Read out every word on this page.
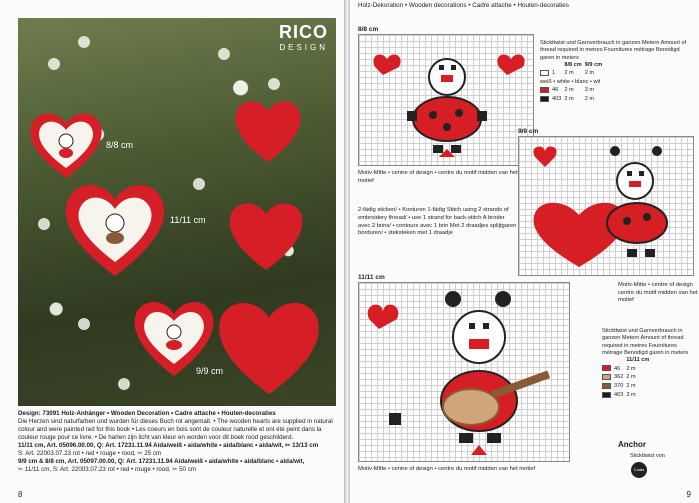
RICO
DESIGN
8/8 cm
11/11 cm
9/9 cm
Design: 73091 Holz-Anhänger • Wooden Decoration • Cadre attache • Houten-decoraties
Die Herzen sind naturfarben und wurden für dieses Buch rot angemalt. • The wooden hearts are supplied in natural colour and were painted red for this book • Les coeurs en bois sont de couleur naturelle et ont été peint dans la couleur rouge pour ce livre. • De harten zijn licht van kleur en worden voor dit boek rood geschilderd.
11/11 cm, Art. 05096.00.00, Q: Art. 17231.11.94 Aida/weiß • aida/white • aida/blanc • aida/wit, ✂ 13/13 cm
S: Art. 22003.07.23 rot • red • rouge • rood, ✂ 25 cm
9/9 cm & 8/8 cm, Art. 05097.00.00, Q: Art. 17231.11.94 Aida/weiß • aida/white • aida/blanc • aida/wit,
✂ 11/11 cm, S: Art. 22003.07.23 rot • red • rouge • rood, ✂ 50 cm
8
Holz-Dekoration • Wooden decorations • Cadre attache • Houten-decoraties
8/8 cm
Motiv-Mitte • centre of design • centre du motif midden van het motief
Stickttwist und Garnverbrauch in ganzen Metern Amount of thread required in metres Fournitures métrage Benodigd garen in meters
		8/8 cm	9/9 cm
	1	2 m	2 m
weiß • white • blanc • wit			
	46	2 m	3 m
	403	2 m	2 m
9/9 cm
Motiv-Mitte • centre of design centre du motif midden van het motief
2-fädig sticken/ • Konturen 1-fädig Stitch using 2 strands of embroidery thread/ • use 1 strand for back-stitch A broder avec 2 brins/ • contours avec 1 brin Met 2 draadjes splijtgaren borduren/ • steksteken met 1 draadje
11/11 cm
Motiv-Mitte • centre of design • centre du motif midden van het motief
Stickttwist und Garnverbrauch in ganzen Metern Amount of thread required in metres Fournitures métrage Benodigd garen in meters
		11/11 cm
	46	2 m
	362	2 m
	370	2 m
	403	3 m
Anchor
Stickttwist von
Coats
9
